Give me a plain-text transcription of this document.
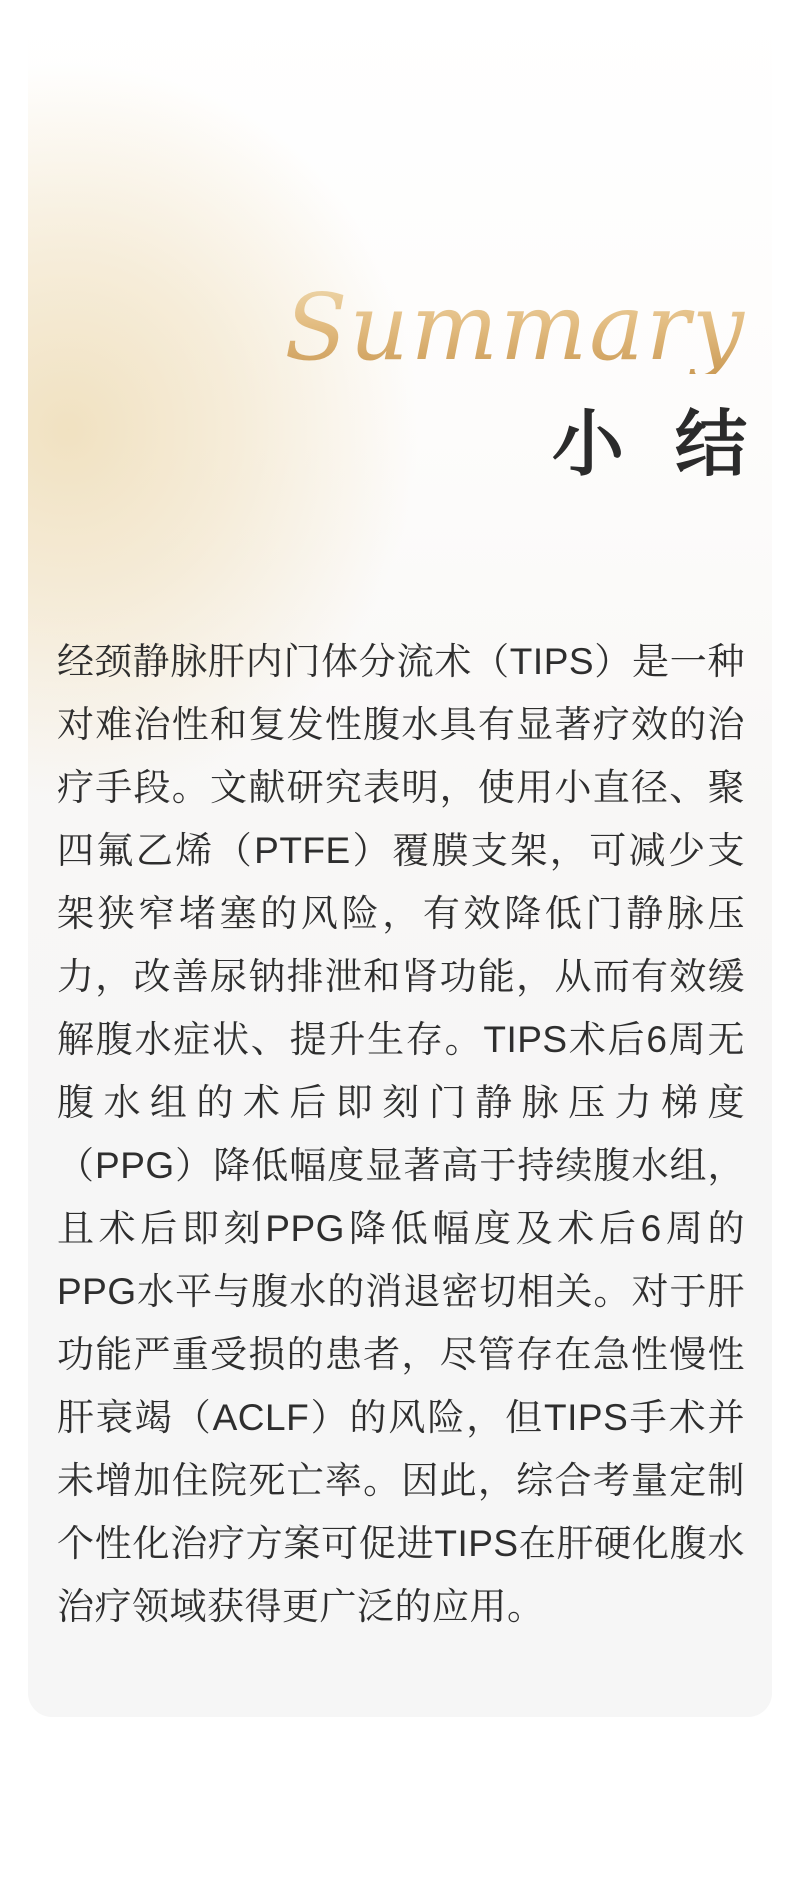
Summary
小 结
经颈静脉肝内门体分流术（TIPS）是一种对难治性和复发性腹水具有显著疗效的治疗手段。文献研究表明，使用小直径、聚四氟乙烯（PTFE）覆膜支架，可减少支架狭窄堵塞的风险，有效降低门静脉压力，改善尿钠排泄和肾功能，从而有效缓解腹水症状、提升生存。TIPS术后6周无腹水组的术后即刻门静脉压力梯度（PPG）降低幅度显著高于持续腹水组，且术后即刻PPG降低幅度及术后6周的PPG水平与腹水的消退密切相关。对于肝功能严重受损的患者，尽管存在急性慢性肝衰竭（ACLF）的风险，但TIPS手术并未增加住院死亡率。因此，综合考量定制个性化治疗方案可促进TIPS在肝硬化腹水治疗领域获得更广泛的应用。
